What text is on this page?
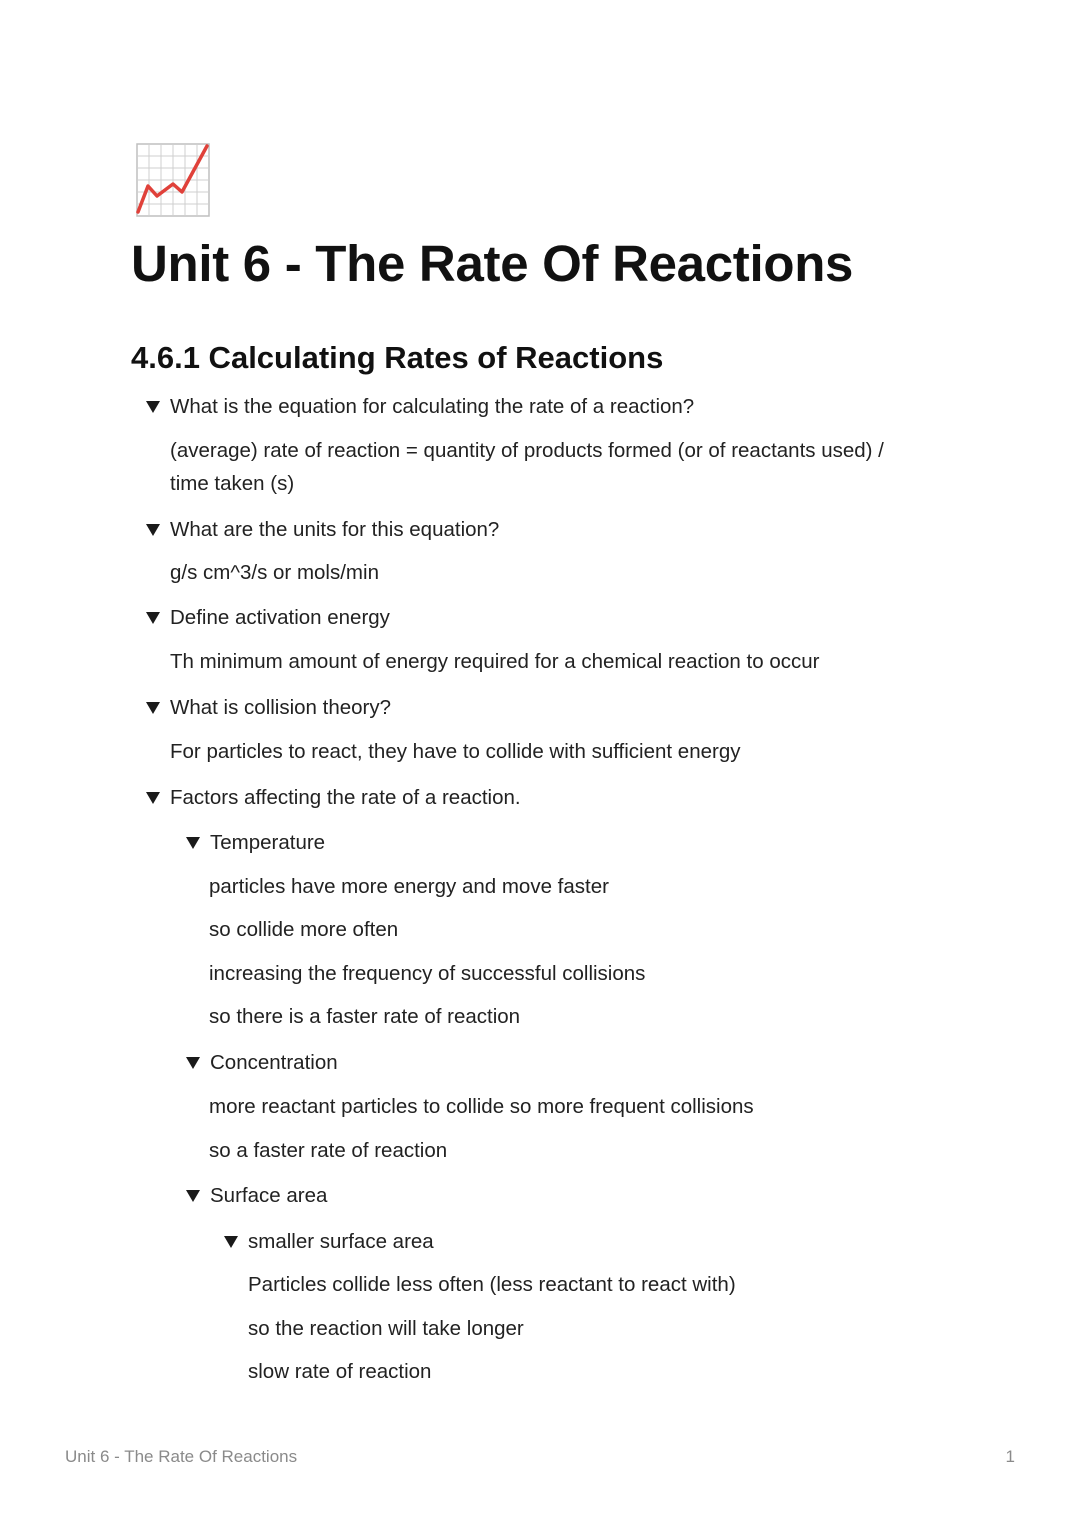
Unit 6 - The Rate Of Reactions
4.6.1 Calculating Rates of Reactions
What is the equation for calculating the rate of a reaction?
(average) rate of reaction = quantity of products formed (or of reactants used) /
time taken (s)
What are the units for this equation?
g/s cm^3/s or mols/min
Define activation energy
Th minimum amount of energy required for a chemical reaction to occur
What is collision theory?
For particles to react, they have to collide with sufficient energy
Factors affecting the rate of a reaction.
Temperature
particles have more energy and move faster
so collide more often
increasing the frequency of successful collisions
so there is a faster rate of reaction
Concentration
more reactant particles to collide so more frequent collisions
so a faster rate of reaction
Surface area
smaller surface area
Particles collide less often (less reactant to react with)
so the reaction will take longer
slow rate of reaction
Unit 6 - The Rate Of Reactions	1
